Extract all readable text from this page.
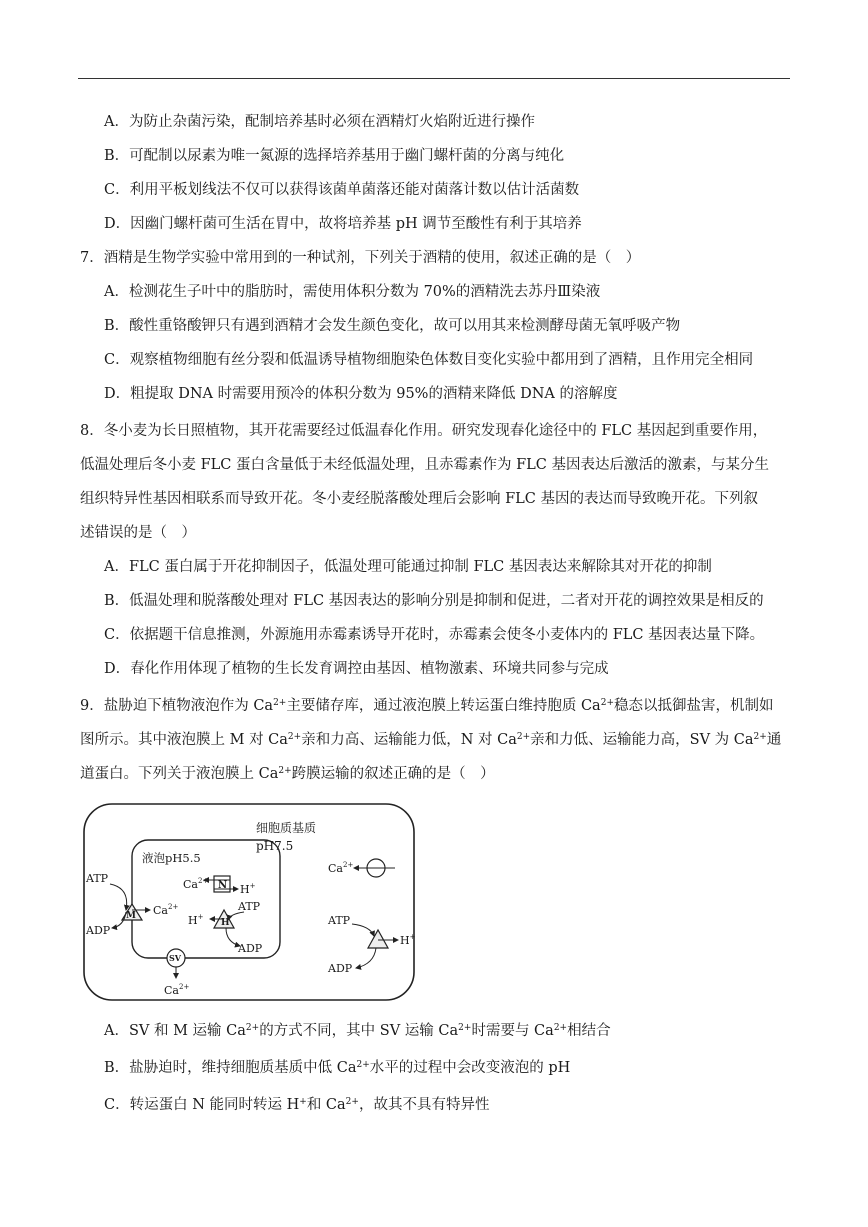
A．为防止杂菌污染，配制培养基时必须在酒精灯火焰附近进行操作
B．可配制以尿素为唯一氮源的选择培养基用于幽门螺杆菌的分离与纯化
C．利用平板划线法不仅可以获得该菌单菌落还能对菌落计数以估计活菌数
D．因幽门螺杆菌可生活在胃中，故将培养基 pH 调节至酸性有利于其培养
7．酒精是生物学实验中常用到的一种试剂，下列关于酒精的使用，叙述正确的是（　）
A．检测花生子叶中的脂肪时，需使用体积分数为 70%的酒精洗去苏丹Ⅲ染液
B．酸性重铬酸钾只有遇到酒精才会发生颜色变化，故可以用其来检测酵母菌无氧呼吸产物
C．观察植物细胞有丝分裂和低温诱导植物细胞染色体数目变化实验中都用到了酒精，且作用完全相同
D．粗提取 DNA 时需要用预冷的体积分数为 95%的酒精来降低 DNA 的溶解度
8．冬小麦为长日照植物，其开花需要经过低温春化作用。研究发现春化途径中的 FLC 基因起到重要作用，
低温处理后冬小麦 FLC 蛋白含量低于未经低温处理，且赤霉素作为 FLC 基因表达后激活的激素，与某分生
组织特异性基因相联系而导致开花。冬小麦经脱落酸处理后会影响 FLC 基因的表达而导致晚开花。下列叙
述错误的是（　）
A．FLC 蛋白属于开花抑制因子，低温处理可能通过抑制 FLC 基因表达来解除其对开花的抑制
B．低温处理和脱落酸处理对 FLC 基因表达的影响分别是抑制和促进，二者对开花的调控效果是相反的
C．依据题干信息推测，外源施用赤霉素诱导开花时，赤霉素会使冬小麦体内的 FLC 基因表达量下降。
D．春化作用体现了植物的生长发育调控由基因、植物激素、环境共同参与完成
9．盐胁迫下植物液泡作为 $Ca^{2+}$主要储存库，通过液泡膜上转运蛋白维持胞质 $Ca^{2+}$稳态以抵御盐害，机制如
图所示。其中液泡膜上 M 对 $Ca^{2+}$亲和力高、运输能力低，N 对 $Ca^{2+}$亲和力低、运输能力高，SV 为 $Ca^{2+}$通
道蛋白。下列关于液泡膜上 $Ca^{2+}$跨膜运输的叙述正确的是（　）
细胞质基质
pH7.5
液泡pH5.5
M
ATP
ADP
$Ca^{2+}$
N
$Ca^{2+}$
H+
H
ATP
ADP
H+
SV
$Ca^{2+}$
$Ca^{2+}$
ATP
ADP
H+
A．SV 和 M 运输 $Ca^{2+}$的方式不同，其中 SV 运输 $Ca^{2+}$时需要与 $Ca^{2+}$相结合
B．盐胁迫时，维持细胞质基质中低 $Ca^{2+}$水平的过程中会改变液泡的 pH
C．转运蛋白 N 能同时转运 H+和 $Ca^{2+}$，故其不具有特异性
